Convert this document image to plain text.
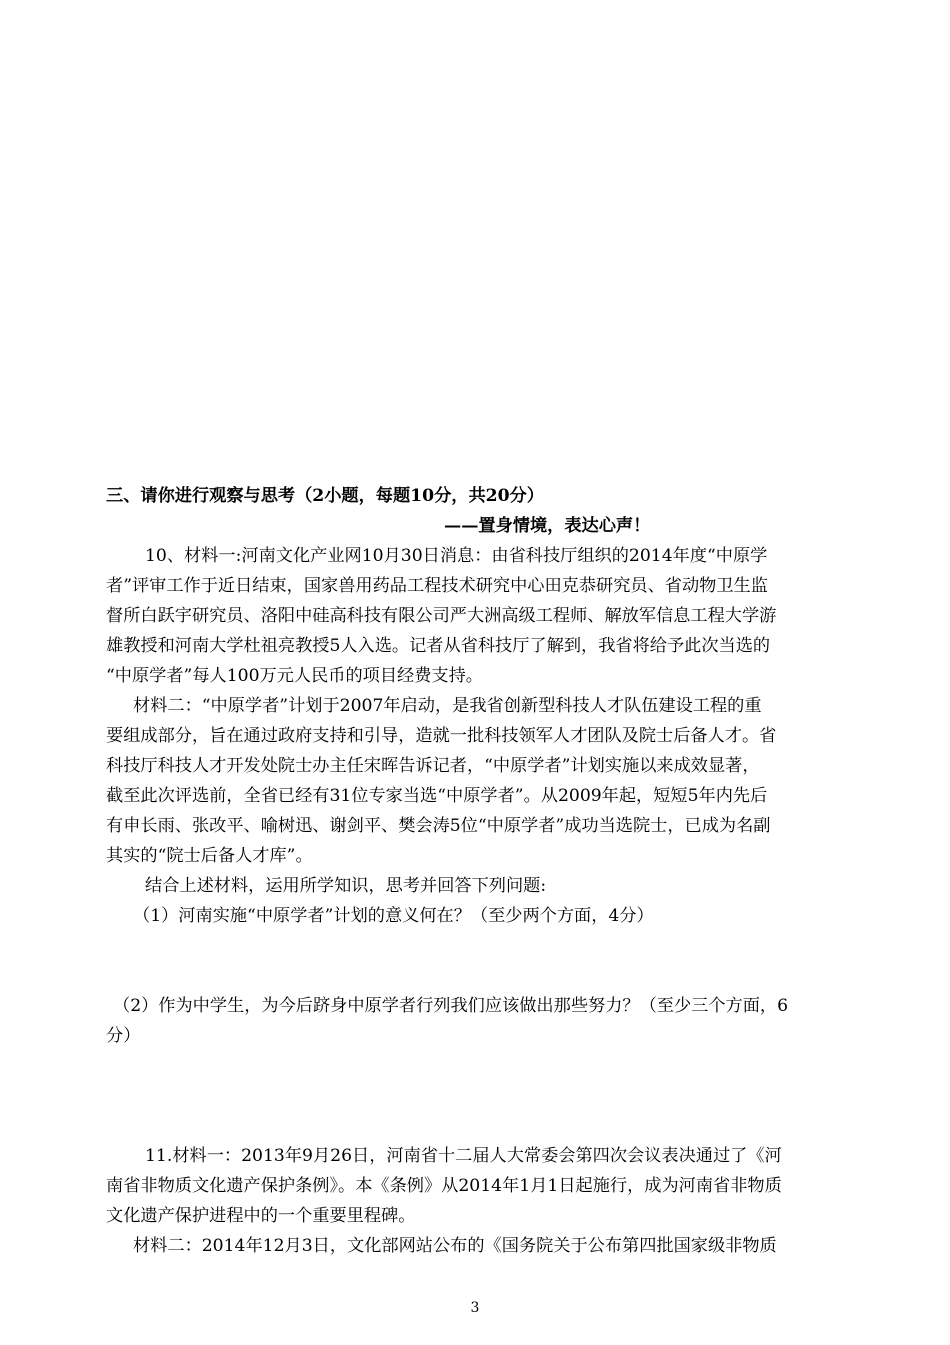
三、请你进行观察与思考（2小题，每题10分，共20分）

——置身情境，表达心声！

10、材料一:河南文化产业网10月30日消息：由省科技厅组织的2014年度“中原学

者”评审工作于近日结束，国家兽用药品工程技术研究中心田克恭研究员、省动物卫生监

督所白跃宇研究员、洛阳中硅高科技有限公司严大洲高级工程师、解放军信息工程大学游

雄教授和河南大学杜祖亮教授5人入选。记者从省科技厅了解到，我省将给予此次当选的

“中原学者”每人100万元人民币的项目经费支持。

材料二：“中原学者”计划于2007年启动，是我省创新型科技人才队伍建设工程的重

要组成部分，旨在通过政府支持和引导，造就一批科技领军人才团队及院士后备人才。省

科技厅科技人才开发处院士办主任宋晖告诉记者，“中原学者”计划实施以来成效显著，

截至此次评选前，全省已经有31位专家当选“中原学者”。从2009年起，短短5年内先后

有申长雨、张改平、喻树迅、谢剑平、樊会涛5位“中原学者”成功当选院士，已成为名副

其实的“院士后备人才库”。

结合上述材料，运用所学知识，思考并回答下列问题:

（1）河南实施“中原学者”计划的意义何在？（至少两个方面，4分）

（2）作为中学生，为今后跻身中原学者行列我们应该做出那些努力？（至少三个方面，6

分）

11.材料一：2013年9月26日，河南省十二届人大常委会第四次会议表决通过了《河

南省非物质文化遗产保护条例》。本《条例》从2014年1月1日起施行，成为河南省非物质

文化遗产保护进程中的一个重要里程碑。

材料二：2014年12月3日，文化部网站公布的《国务院关于公布第四批国家级非物质

3
